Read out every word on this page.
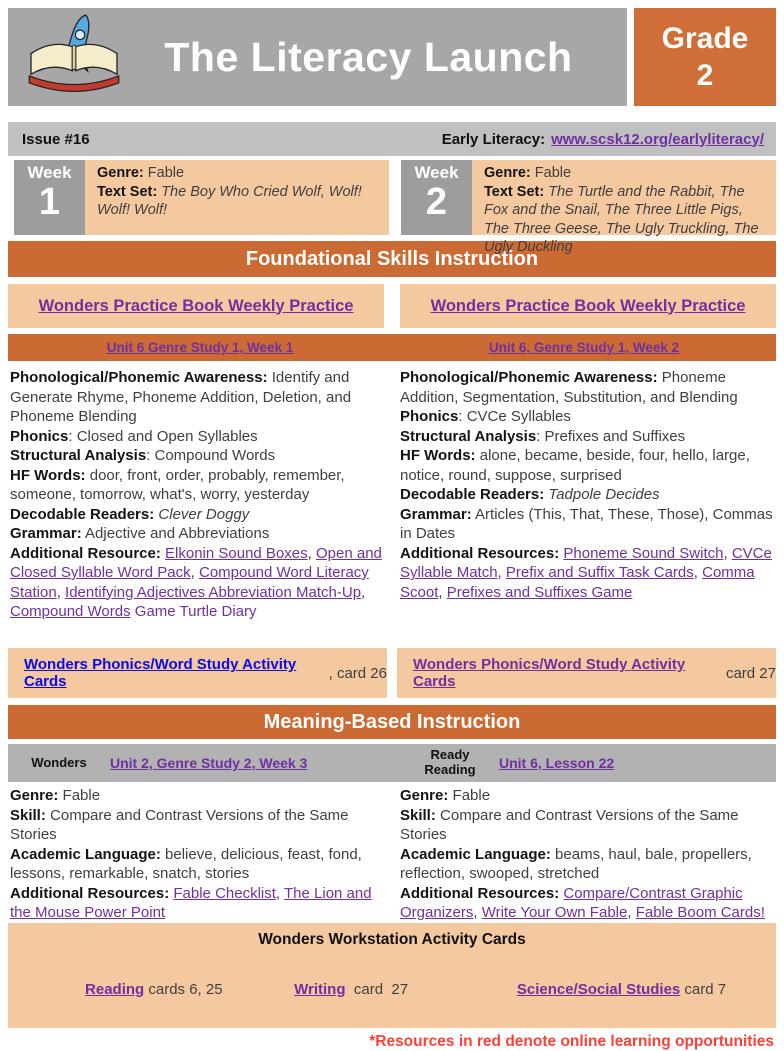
The Literacy Launch	Grade
2
Issue #16	Early Literacy: www.scsk12.org/earlyliteracy/
Week
1
Genre: Fable
Text Set: The Boy Who Cried Wolf, Wolf! Wolf! Wolf!
Week
2
Genre: Fable
Text Set: The Turtle and the Rabbit, The Fox and the Snail, The Three Little Pigs, The Three Geese, The Ugly Truckling, The Ugly Duckling
Foundational Skills Instruction
Wonders Practice Book Weekly Practice	Wonders Practice Book Weekly Practice
Unit 6 Genre Study 1, Week 1	Unit 6, Genre Study 1, Week 2
Phonological/Phonemic Awareness: Identify and Generate Rhyme, Phoneme Addition, Deletion, and Phoneme Blending
Phonics: Closed and Open Syllables
Structural Analysis: Compound Words
HF Words: door, front, order, probably, remember, someone, tomorrow, what's, worry, yesterday
Decodable Readers: Clever Doggy
Grammar: Adjective and Abbreviations
Additional Resource: Elkonin Sound Boxes, Open and Closed Syllable Word Pack, Compound Word Literacy Station, Identifying Adjectives Abbreviation Match-Up, Compound Words Game Turtle Diary
Phonological/Phonemic Awareness: Phoneme Addition, Segmentation, Substitution, and Blending
Phonics: CVCe Syllables
Structural Analysis: Prefixes and Suffixes
HF Words: alone, became, beside, four, hello, large, notice, round, suppose, surprised
Decodable Readers: Tadpole Decides
Grammar: Articles (This, That, These, Those), Commas in Dates
Additional Resources: Phoneme Sound Switch, CVCe Syllable Match, Prefix and Suffix Task Cards, Comma Scoot, Prefixes and Suffixes Game
Wonders Phonics/Word Study Activity Cards	, card 26 Wonders Phonics/Word Study Activity Cards	card 27
Meaning-Based Instruction
Wonders Unit 2, Genre Study 2, Week 3
Ready Reading Unit 6, Lesson 22
Genre: Fable
Skill: Compare and Contrast Versions of the Same Stories
Academic Language: believe, delicious, feast, fond, lessons, remarkable, snatch, stories
Additional Resources: Fable Checklist, The Lion and the Mouse Power Point
Genre: Fable
Skill: Compare and Contrast Versions of the Same Stories
Academic Language: beams, haul, bale, propellers, reflection, swooped, stretched
Additional Resources: Compare/Contrast Graphic Organizers, Write Your Own Fable, Fable Boom Cards!
Wonders Workstation Activity Cards

Reading cards 6, 25
	Writing  card  27
	Science/Social Studies card 7

*Resources in red denote online learning opportunities
